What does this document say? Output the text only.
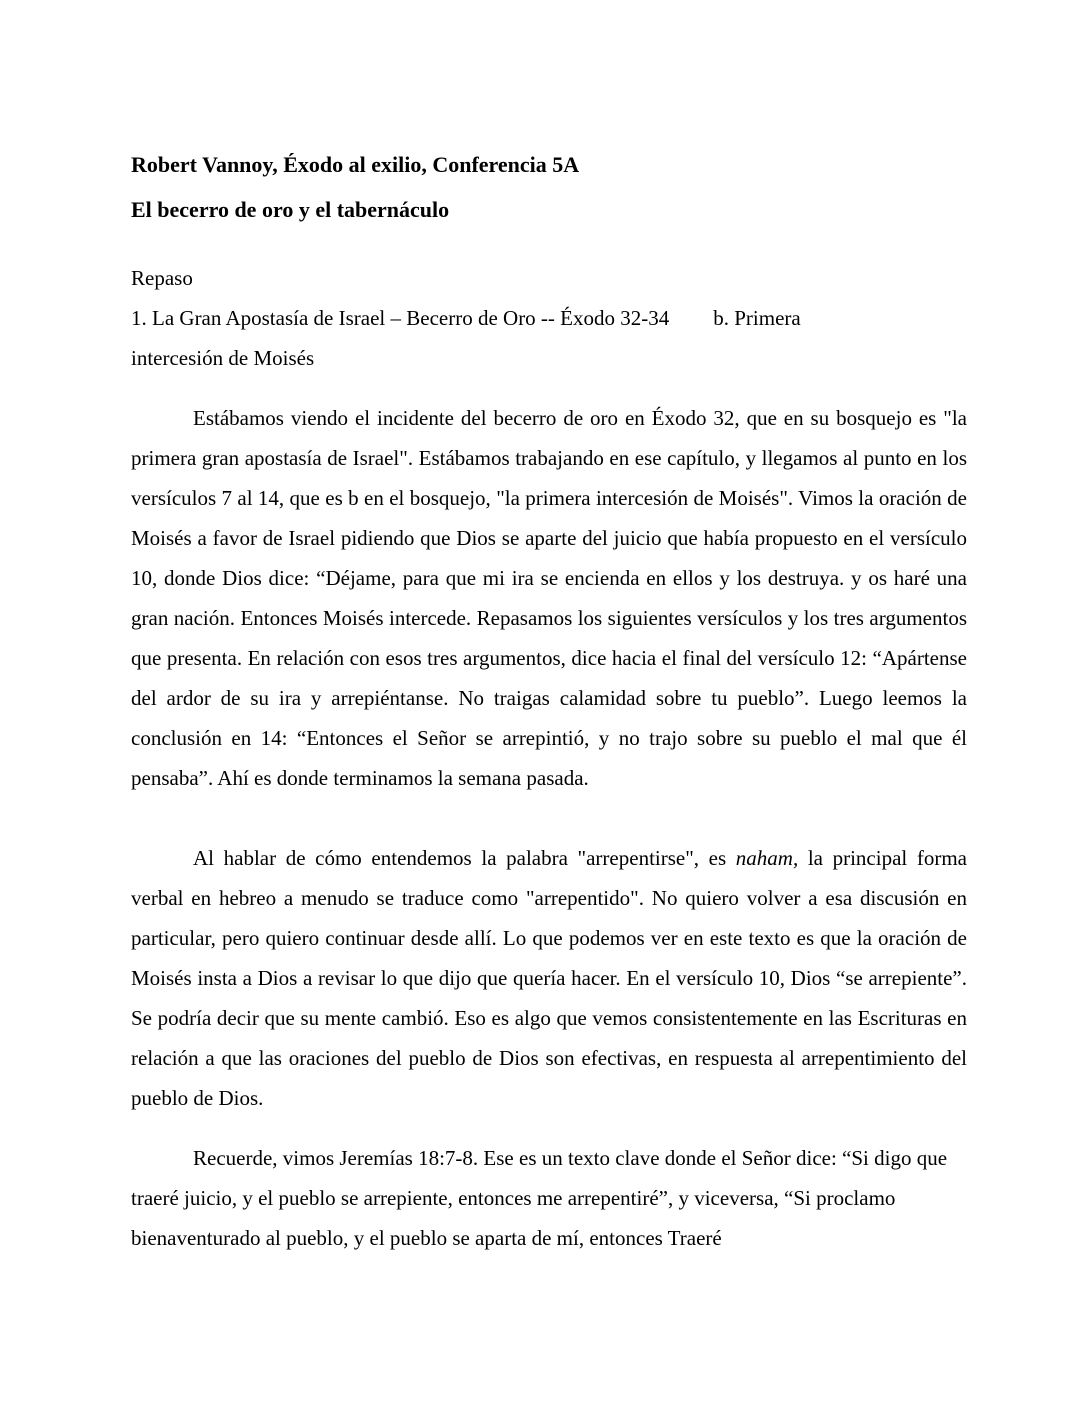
Robert Vannoy, Éxodo al exilio, Conferencia 5A
El becerro de oro y el tabernáculo
Repaso
1. La Gran Apostasía de Israel – Becerro de Oro -- Éxodo 32-34 b. Primera
intercesión de Moisés

Estábamos viendo el incidente del becerro de oro en Éxodo 32, que en su bosquejo es "la primera gran apostasía de Israel". Estábamos trabajando en ese capítulo, y llegamos al punto en los versículos 7 al 14, que es b en el bosquejo, "la primera intercesión de Moisés". Vimos la oración de Moisés a favor de Israel pidiendo que Dios se aparte del juicio que había propuesto en el versículo 10, donde Dios dice: “Déjame, para que mi ira se encienda en ellos y los destruya. y os haré una gran nación. Entonces Moisés intercede. Repasamos los siguientes versículos y los tres argumentos que presenta. En relación con esos tres argumentos, dice hacia el final del versículo 12: “Apártense del ardor de su ira y arrepiéntanse. No traigas calamidad sobre tu pueblo”. Luego leemos la conclusión en 14: “Entonces el Señor se arrepintió, y no trajo sobre su pueblo el mal que él pensaba”. Ahí es donde terminamos la semana pasada.

Al hablar de cómo entendemos la palabra "arrepentirse", es naham, la principal forma verbal en hebreo a menudo se traduce como "arrepentido". No quiero volver a esa discusión en particular, pero quiero continuar desde allí. Lo que podemos ver en este texto es que la oración de Moisés insta a Dios a revisar lo que dijo que quería hacer. En el versículo 10, Dios “se arrepiente”. Se podría decir que su mente cambió. Eso es algo que vemos consistentemente en las Escrituras en relación a que las oraciones del pueblo de Dios son efectivas, en respuesta al arrepentimiento del pueblo de Dios.

Recuerde, vimos Jeremías 18:7-8. Ese es un texto clave donde el Señor dice: “Si digo que traeré juicio, y el pueblo se arrepiente, entonces me arrepentiré”, y viceversa, “Si proclamo bienaventurado al pueblo, y el pueblo se aparta de mí, entonces Traeré
